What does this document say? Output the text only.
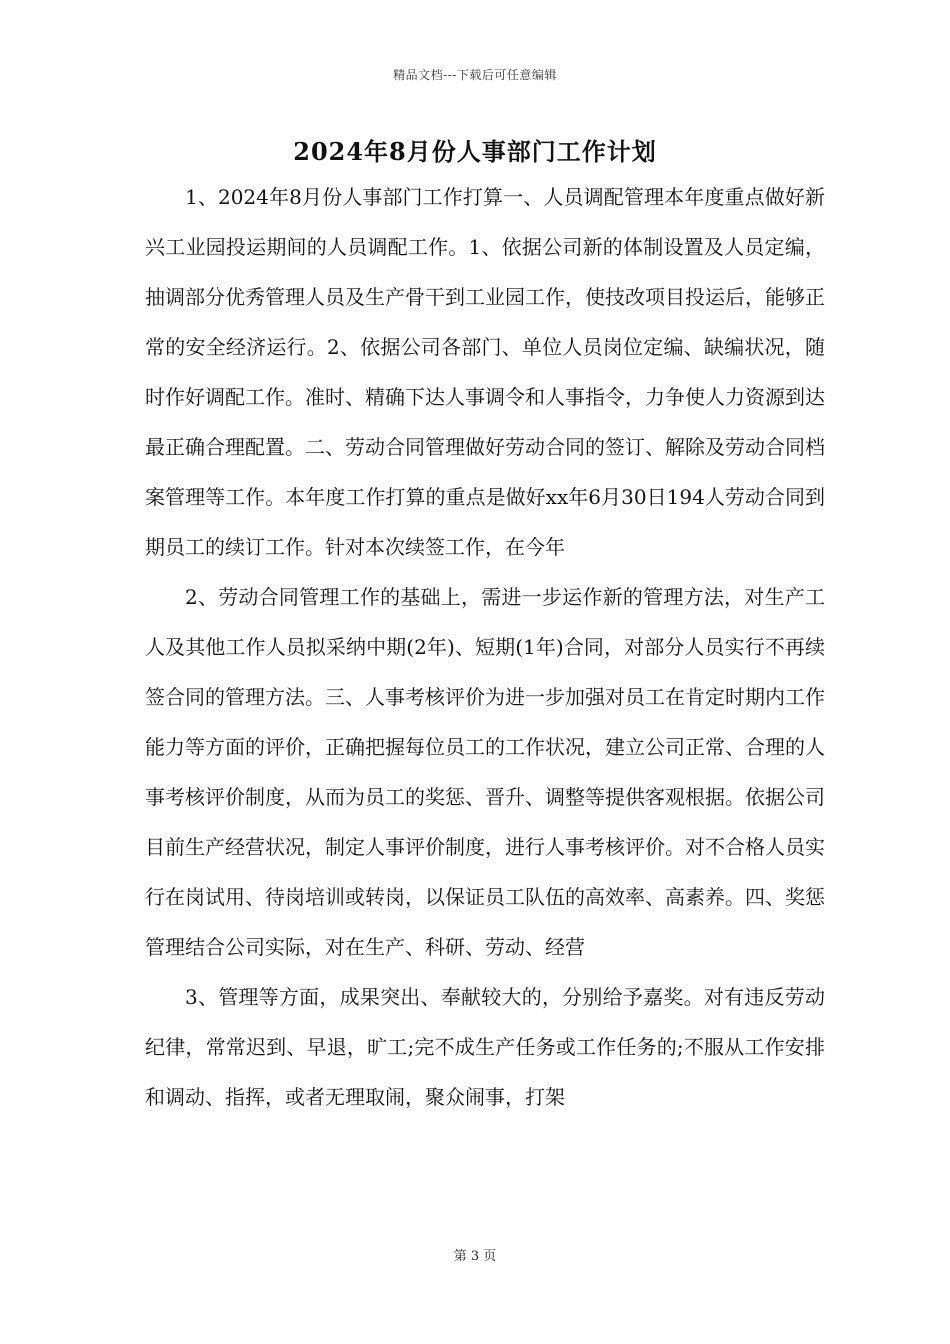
精品文档---下载后可任意编辑
2024年8月份人事部门工作计划

1、2024年8月份人事部门工作打算一、人员调配管理本年度重点做好新兴工业园投运期间的人员调配工作。1、依据公司新的体制设置及人员定编，抽调部分优秀管理人员及生产骨干到工业园工作，使技改项目投运后，能够正常的安全经济运行。2、依据公司各部门、单位人员岗位定编、缺编状况，随时作好调配工作。准时、精确下达人事调令和人事指令，力争使人力资源到达最正确合理配置。二、劳动合同管理做好劳动合同的签订、解除及劳动合同档案管理等工作。本年度工作打算的重点是做好xx年6月30日194人劳动合同到期员工的续订工作。针对本次续签工作，在今年

2、劳动合同管理工作的基础上，需进一步运作新的管理方法，对生产工人及其他工作人员拟采纳中期(2年)、短期(1年)合同，对部分人员实行不再续签合同的管理方法。三、人事考核评价为进一步加强对员工在肯定时期内工作能力等方面的评价，正确把握每位员工的工作状况，建立公司正常、合理的人事考核评价制度，从而为员工的奖惩、晋升、调整等提供客观根据。依据公司目前生产经营状况，制定人事评价制度，进行人事考核评价。对不合格人员实行在岗试用、待岗培训或转岗，以保证员工队伍的高效率、高素养。四、奖惩管理结合公司实际，对在生产、科研、劳动、经营

3、管理等方面，成果突出、奉献较大的，分别给予嘉奖。对有违反劳动纪律，常常迟到、早退，旷工;完不成生产任务或工作任务的;不服从工作安排和调动、指挥，或者无理取闹，聚众闹事，打架

第 3 页
